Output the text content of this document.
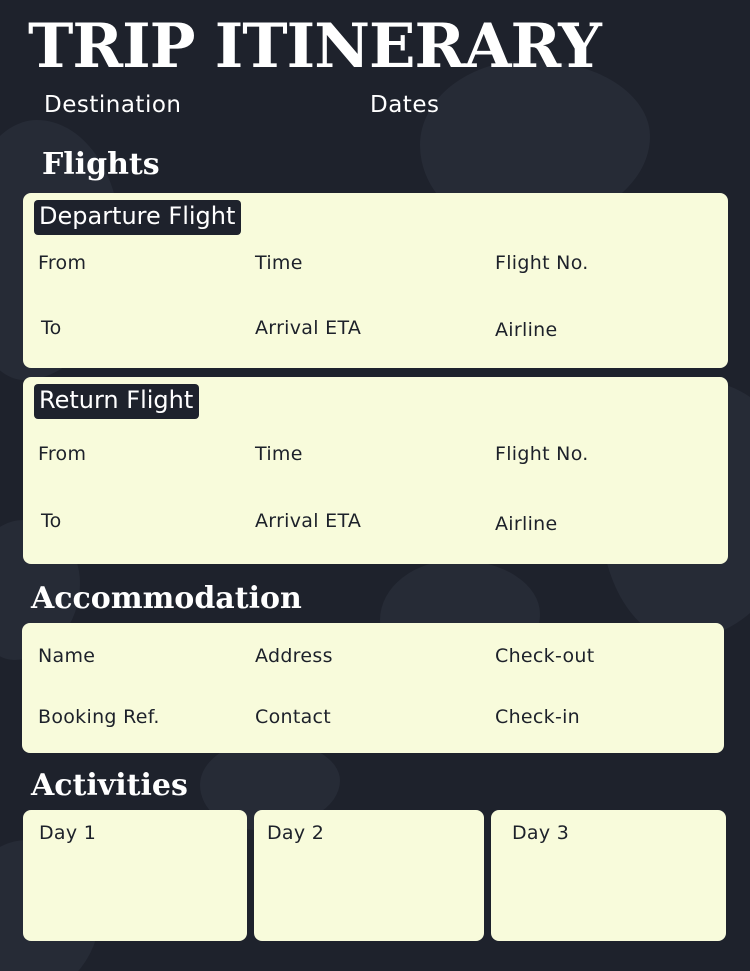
TRIP ITINERARY
Destination	Dates
Flights
Departure Flight
From	Time	Flight No.
To	Arrival ETA	Airline
Return Flight
From	Time	Flight No.
To	Arrival ETA	Airline
Accommodation
Name	Address	Check-out
Booking Ref.	Contact	Check-in
Activities
Day 1	Day 2	Day 3
